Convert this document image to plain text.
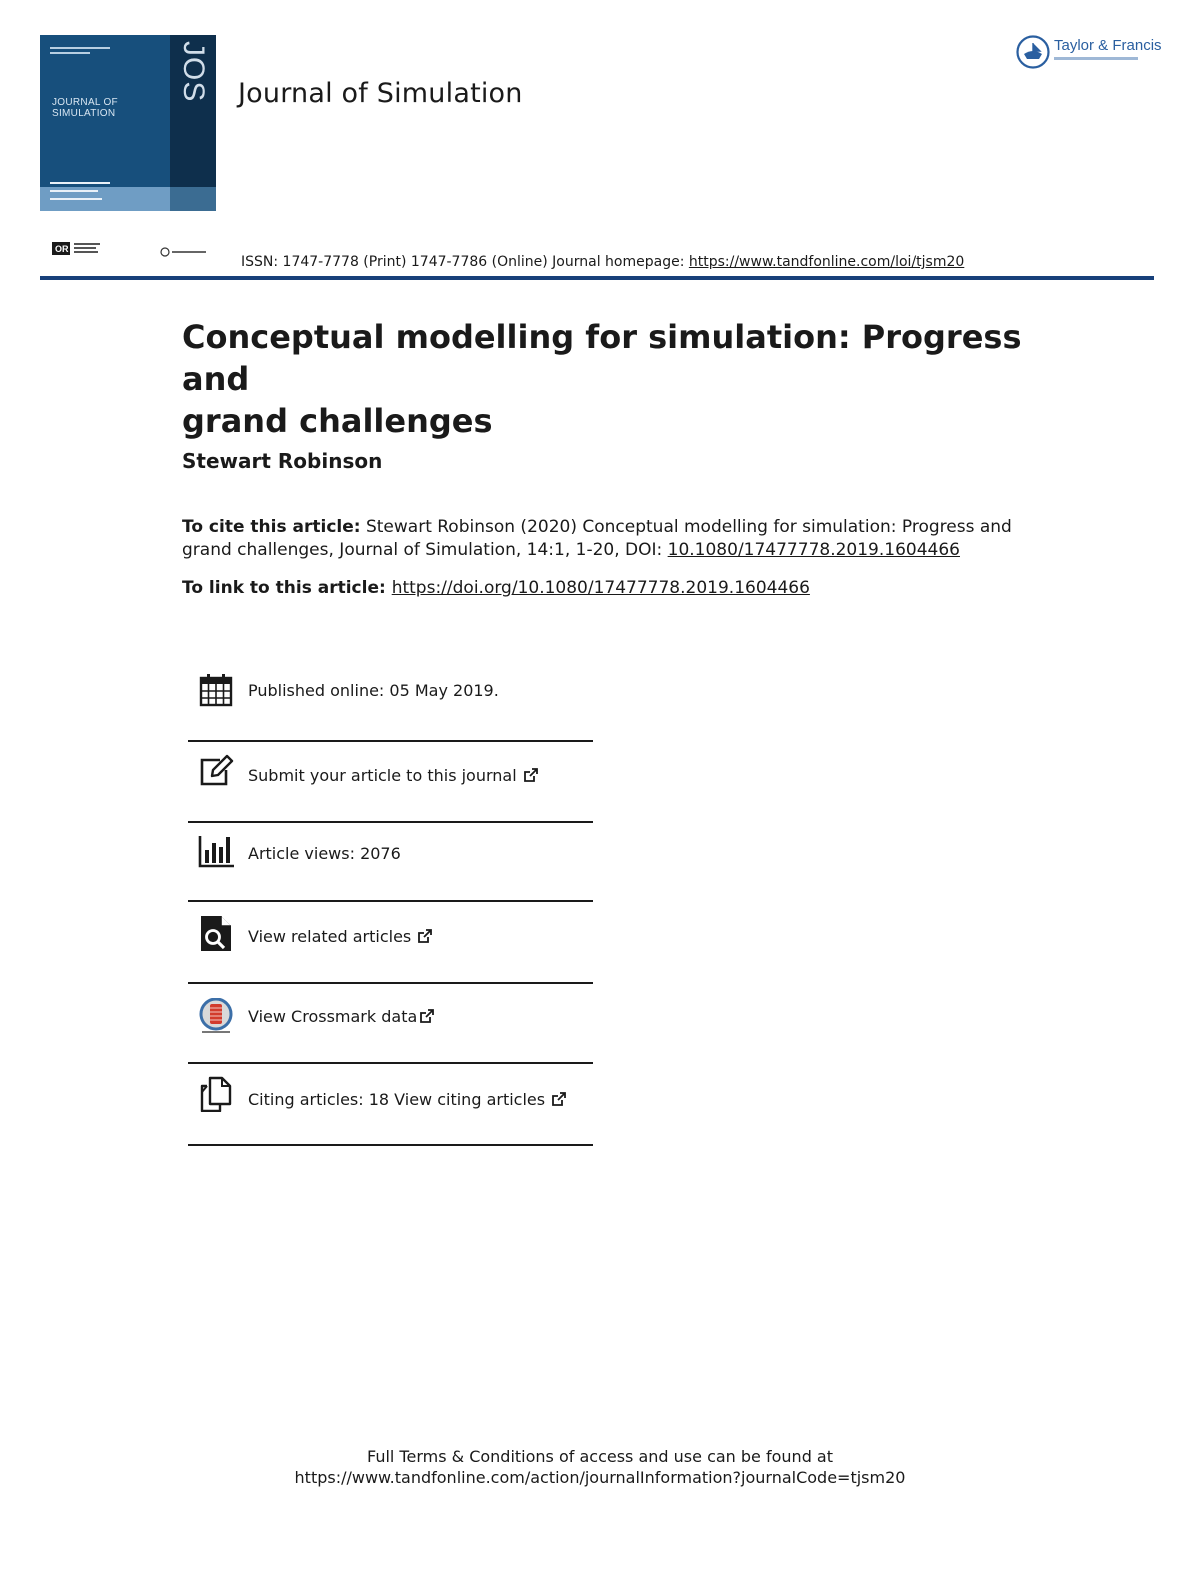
JOURNAL OF
SIMULATION
JOS Journal of Simulation
Taylor & Francis
OR
ISSN: 1747-7778 (Print) 1747-7786 (Online) Journal homepage: https://www.tandfonline.com/loi/tjsm20
Conceptual modelling for simulation: Progress and
grand challenges
Stewart Robinson
To cite this article: Stewart Robinson (2020) Conceptual modelling for simulation: Progress and grand challenges, Journal of Simulation, 14:1, 1-20, DOI: 10.1080/17477778.2019.1604466
To link to this article: https://doi.org/10.1080/17477778.2019.1604466
Published online: 05 May 2019.
Submit your article to this journal
Article views: 2076
View related articles
View Crossmark data
Citing articles: 18 View citing articles
Full Terms & Conditions of access and use can be found at
https://www.tandfonline.com/action/journalInformation?journalCode=tjsm20
